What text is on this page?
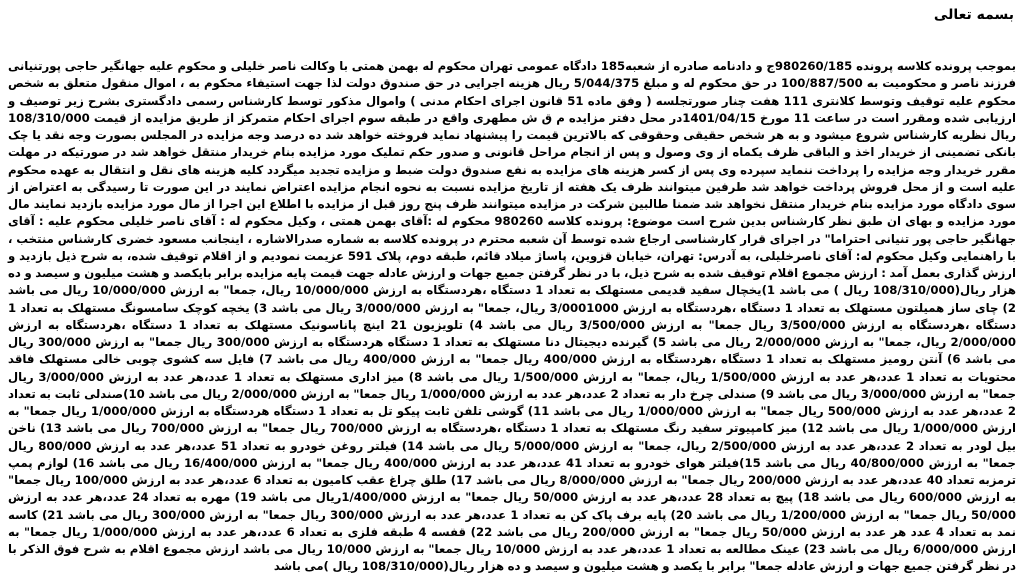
بسمه تعالی

بموجب پرونده کلاسه پرونده 980260/185ج و دادنامه صادره از شعبه185 دادگاه عمومی تهران محکوم له بهمن همتی با وکالت ناصر خلیلی و محکوم علیه جهانگیر حاجی پورتنیانی فرزند ناصر و محکومیت به 100/887/500 در حق محکوم له و مبلغ 5/044/375 ریال هزینه اجرایی در حق صندوق دولت لذا جهت استیفاء محکوم به ، اموال منقول متعلق به شخص محکوم علیه توقیف وتوسط کلانتری 111 هفت چنار صورتجلسه ( وفق ماده 51 قانون اجرای احکام مدنی ) واموال مذکور توسط کارشناس رسمی دادگستری بشرح زیر توصیف و ارزیابی شده ومقرر است در ساعت 11 مورخ 1401/04/15در محل دفتر مزایده م ق ش مطهری واقع در طبقه سوم اجرای احکام متمرکز از طریق مزایده از قیمت 108/310/000 ریال نظریه کارشناس شروع میشود و به هر شخص حقیقی وحقوقی که بالاترین قیمت را پیشنهاد نماید فروخته خواهد شد ده درصد وجه مزایده در المجلس بصورت وجه نقد یا چک بانکی تضمینی از خریدار اخذ و الباقی ظرف یکماه از وی وصول و پس از انجام مراحل قانونی و صدور حکم تملیک مورد مزایده بنام خریدار منتقل خواهد شد در صورتیکه در مهلت مقرر خریدار وجه مزایده را پرداخت ننماید سپرده وی پس از کسر هزینه های مزایده به نفع صندوق دولت ضبط و مزایده تجدید میگردد کلیه هزینه های نقل و انتقال به عهده محکوم علیه است و از محل فروش پرداخت خواهد شد طرفین میتوانند ظرف یک هفته از تاریخ مزایده نسبت به نحوه انجام مزایده اعتراض نمایند در این صورت تا رسیدگی به اعتراض از سوی دادگاه مورد مزایده بنام خریدار منتقل نخواهد شد ضمنا طالبین شرکت در مزایده میتوانند ظرف پنج روز قبل از مزایده با اطلاع این اجرا از مال مورد مزایده بازدید نمایند مال مورد مزایده و بهای ان طبق نظر کارشناس بدین شرح است موضوع: پرونده کلاسه 980260 محکوم له :آقای بهمن همتی ، وکیل محکوم له : آقای ناصر خلیلی محکوم علیه : آقای جهانگیر حاجی پور تنیانی احتراما" در اجرای قرار کارشناسی ارجاع شده توسط آن شعبه محترم در پرونده کلاسه به شماره صدرالاشاره ، اینجانب مسعود خضری کارشناس منتخب ، با راهنمایی وکیل محکوم له: آقای ناصرخلیلی، به آدرس: تهران، خیابان قزوین، پاساژ میلاد قائم، طبقه دوم، پلاک 591 عزیمت نمودیم و از اقلام توقیف شده، به شرح ذیل بازدید و ارزش گذاری بعمل آمد : ارزش مجموع اقلام توقیف شده به شرح ذیل، با در نظر گرفتن جمیع جهات و ارزش عادله جهت قیمت پایه مزایده برابر بایکصد و هشت میلیون و سیصد و ده هزار ریال(108/310/000 ریال ) می باشد 1)یخچال سفید قدیمی مستهلک به تعداد 1 دستگاه ،هردستگاه به ارزش 10/000/000 ریال، جمعا" به ارزش 10/000/000 ریال می باشد 2) چای ساز همیلتون مستهلک به تعداد 1 دستگاه ،هردستگاه به ارزش 3/0001000 ریال، جمعا" به ارزش 3/000/000 ریال می باشد 3) یخچه کوچک سامسونگ مستهلک به تعداد 1 دستگاه ،هردستگاه به ارزش 3/500/000 ریال جمعا" به ارزش 3/500/000 ریال می باشد 4) تلویزیون 21 اینچ پاناسونیک مستهلک به تعداد 1 دستگاه ،هردستگاه به ارزش 2/000/000 ریال، جمعا" به ارزش 2/000/000 ریال می باشد 5) گیرنده دیجیتال دنا مستهلک به تعداد 1 دستگاه هردستگاه به ارزش 300/000 ریال جمعا" به ارزش 300/000 ریال می باشد 6) آنتن رومیز مستهلک به تعداد 1 دستگاه ،هردستگاه به ارزش 400/000 ریال جمعا" به ارزش 400/000 ریال می باشد 7) فایل سه کشوی چوبی خالی مستهلک فاقد محتویات به تعداد 1 عدد،هر عدد به ارزش 1/500/000 ریال، جمعا" به ارزش 1/500/000 ریال می باشد 8) میز اداری مستهلک به تعداد 1 عدد،هر عدد به ارزش 3/000/000 ریال جمعا" به ارزش 3/000/000 ریال می باشد 9) صندلی چرخ دار به تعداد 2 عدد،هر عدد به ارزش 1/000/000 ریال جمعا" به ارزش 2/000/000 ریال می باشد 10)صندلی ثابت به تعداد 2 عدد،هر عدد به ارزش 500/000 ریال جمعا" به ارزش 1/000/000 ریال می باشد 11) گوشی تلفن ثابت پیکو تل به تعداد 1 دستگاه هردستگاه به ارزش 1/000/000 ریال جمعا" به ارزش 1/000/000 ریال می باشد 12) میز کامپیوتر سفید رنگ مستهلک به تعداد 1 دستگاه ،هردستگاه به ارزش 700/000 ریال جمعا" به ارزش 700/000 ریال می باشد 13) ناخن بیل لودر به تعداد 2 عدد،هر عدد به ارزش 2/500/000 ریال، جمعا" به ارزش 5/000/000 ریال می باشد 14) فیلتر روغن خودرو به تعداد 51 عدد،هر عدد به ارزش 800/000 ریال جمعا" به ارزش 40/800/000 ریال می باشد 15)فیلتر هوای خودرو به تعداد 41 عدد،هر عدد به ارزش 400/000 ریال جمعا" به ارزش 16/400/000 ریال می باشد 16) لوازم پمپ ترمزبه تعداد 40 عدد،هر عدد به ارزش 200/000 ریال جمعا" به ارزش 8/000/000 ریال می باشد 17) طلق چراغ عقب کامیون به تعداد 6 عدد،هر عدد به ارزش 100/000 ریال جمعا" به ارزش 600/000 ریال می باشد 18) پیچ به تعداد 28 عدد،هر عدد به ارزش 50/000 ریال جمعا" به ارزش 1/400/000ریال می باشد 19) مهره به تعداد 24 عدد،هر عدد به ارزش 50/000 ریال جمعا" به ارزش 1/200/000 ریال می باشد 20) پایه برف پاک کن به تعداد 1 عدد،هر عدد به ارزش 300/000 ریال جمعا" به ارزش 300/000 ریال می باشد 21) کاسه نمد به تعداد 4 عدد هر عدد به ارزش 50/000 ریال جمعا" به ارزش 200/000 ریال می باشد 22) قفسه 4 طبقه فلزی به تعداد 6 عدد،هر عدد به ارزش 1/000/000 ریال جمعا" به ارزش 6/000/000 ریال می باشد 23) عینک مطالعه به تعداد 1 عدد،هر عدد به ارزش 10/000 ریال جمعا" به ارزش 10/000 ریال می باشد ارزش مجموع اقلام به شرح فوق الذکر با در نظر گرفتن جمیع جهات و ارزش عادله جمعا" برابر با یکصد و هشت میلیون و سیصد و ده هزار ریال(108/310/000 ریال )می باشد
